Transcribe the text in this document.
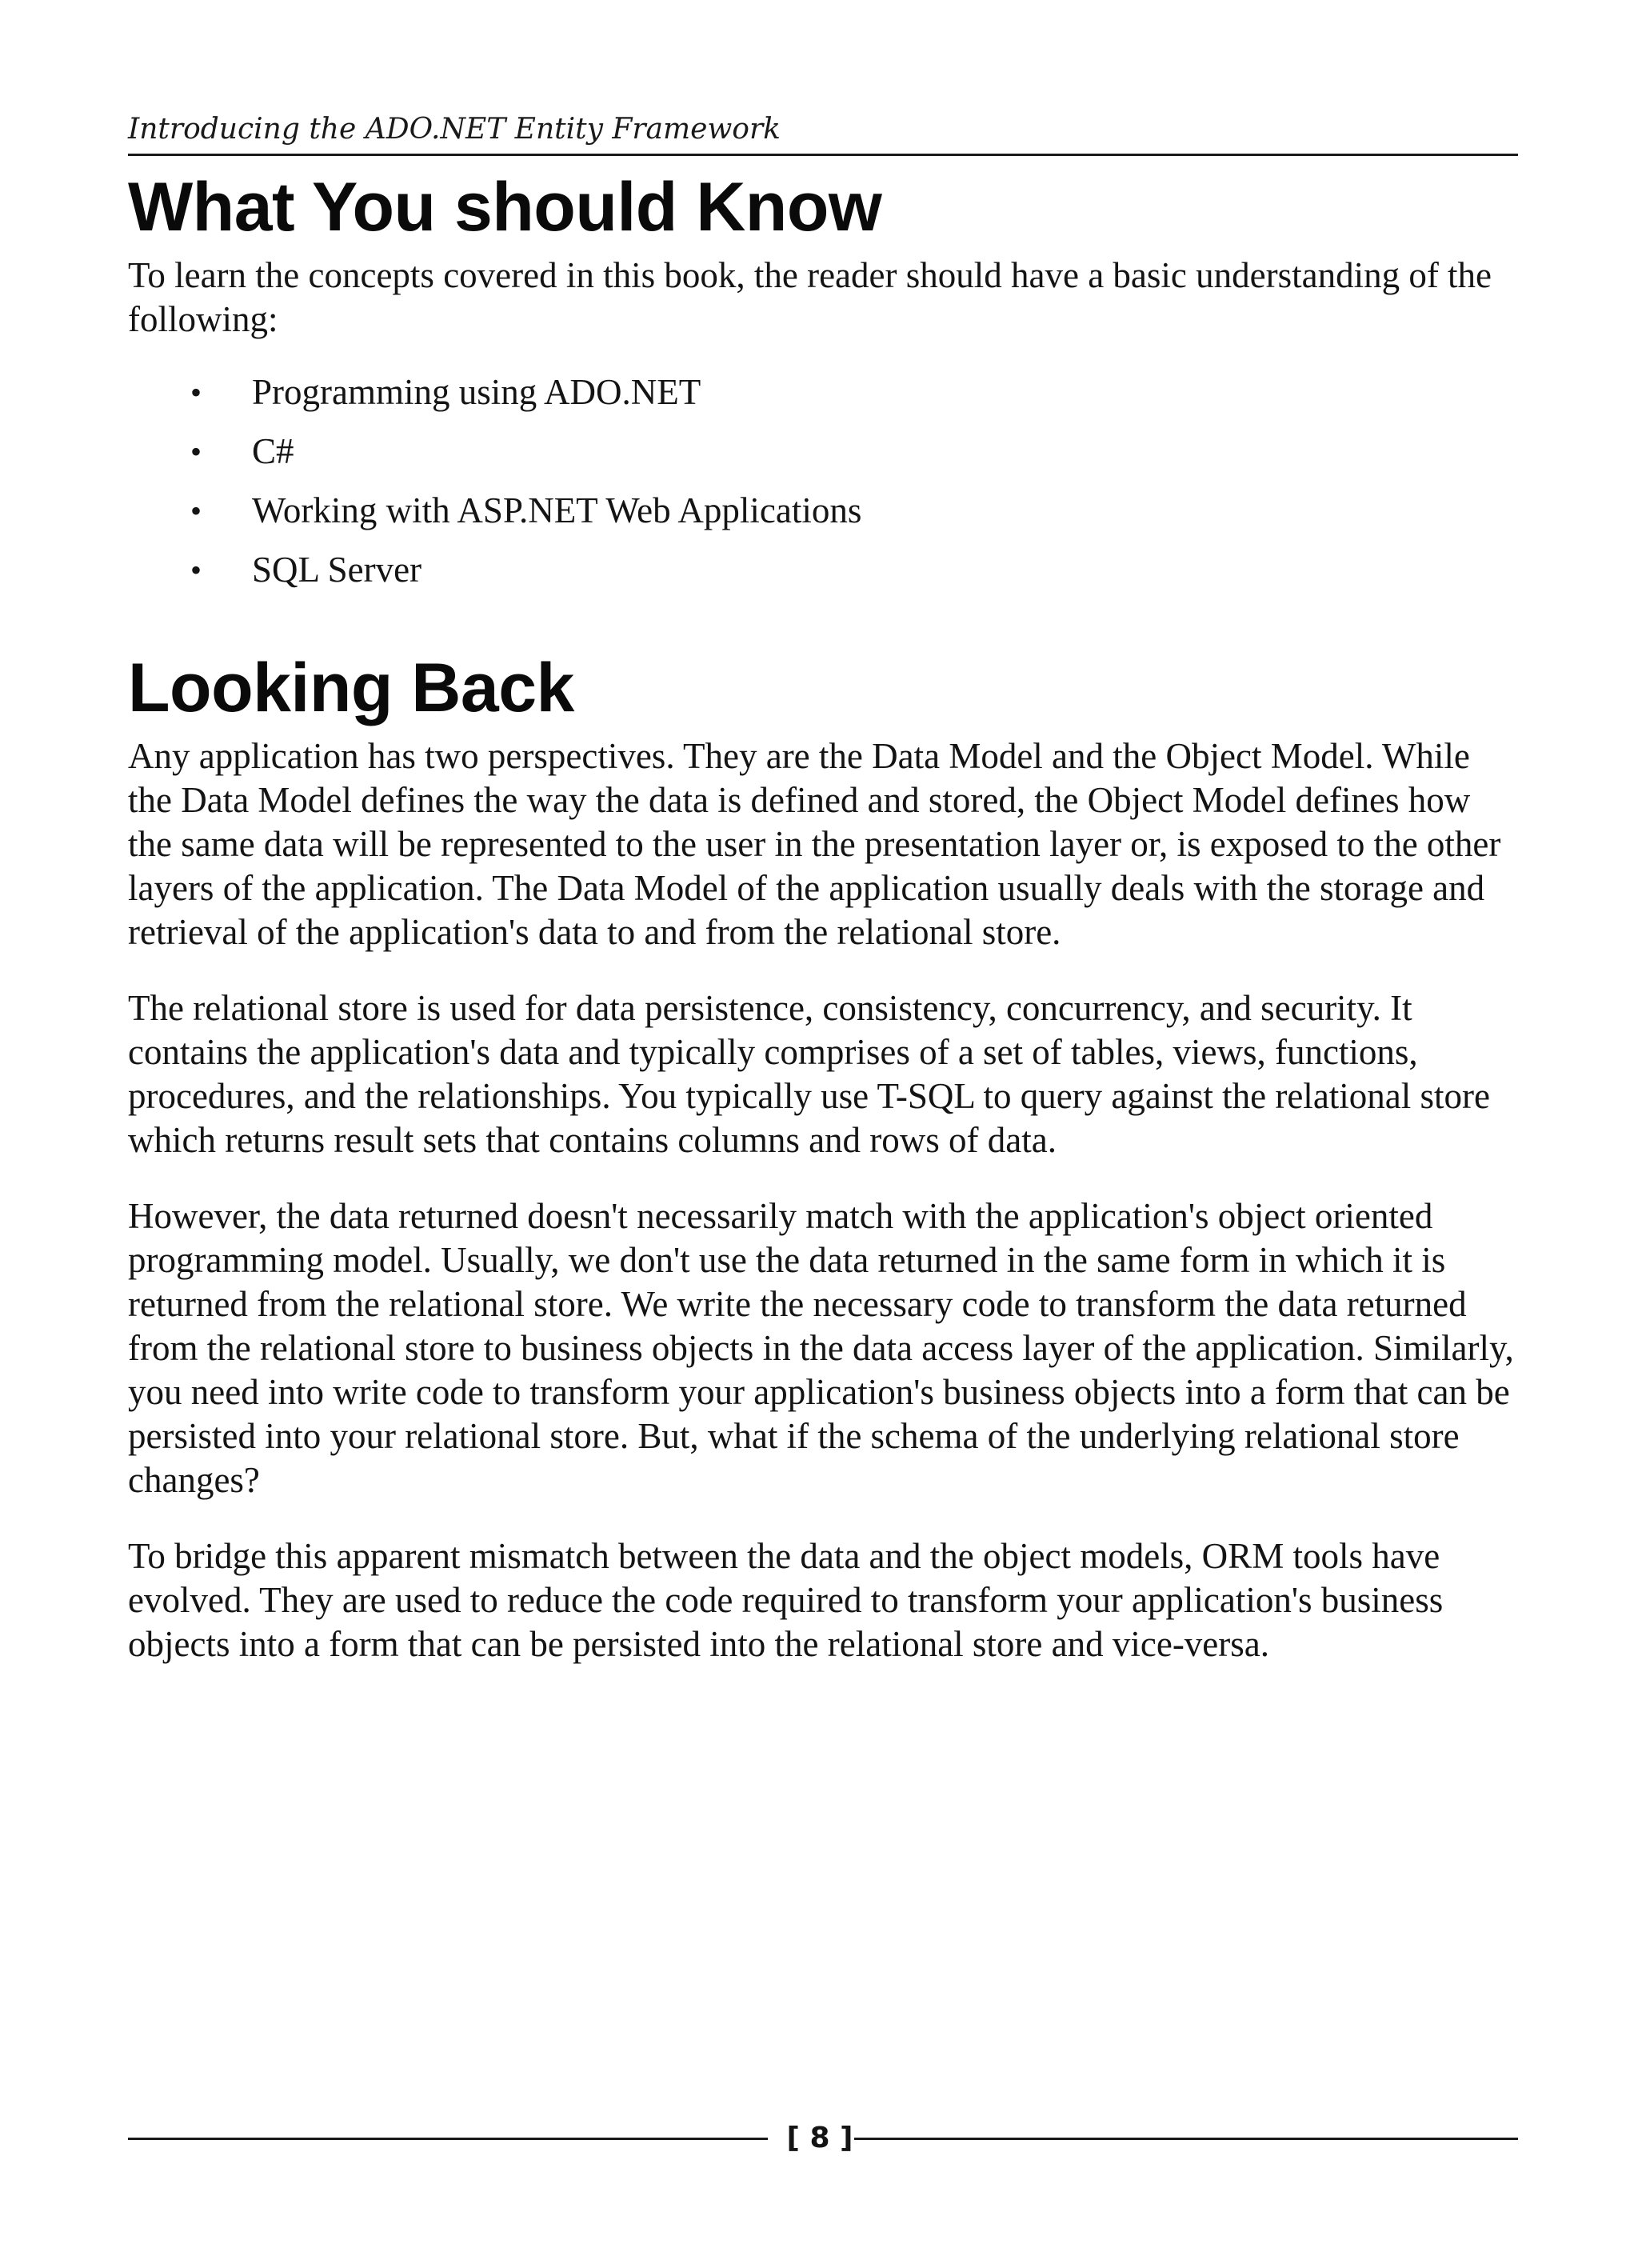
Introducing the ADO.NET Entity Framework
What You should Know

To learn the concepts covered in this book, the reader should have a basic understanding of the following:

• Programming using ADO.NET
• C#
• Working with ASP.NET Web Applications
• SQL Server
Looking Back

Any application has two perspectives. They are the Data Model and the Object Model. While the Data Model defines the way the data is defined and stored, the Object Model defines how the same data will be represented to the user in the presentation layer or, is exposed to the other layers of the application. The Data Model of the application usually deals with the storage and retrieval of the application's data to and from the relational store.

The relational store is used for data persistence, consistency, concurrency, and security. It contains the application's data and typically comprises of a set of tables, views, functions, procedures, and the relationships. You typically use T-SQL to query against the relational store which returns result sets that contains columns and rows of data.

However, the data returned doesn't necessarily match with the application's object oriented programming model. Usually, we don't use the data returned in the same form in which it is returned from the relational store. We write the necessary code to transform the data returned from the relational store to business objects in the data access layer of the application. Similarly, you need into write code to transform your application's business objects into a form that can be persisted into your relational store. But, what if the schema of the underlying relational store changes?

To bridge this apparent mismatch between the data and the object models, ORM tools have evolved. They are used to reduce the code required to transform your application's business objects into a form that can be persisted into the relational store and vice-versa.

[ 8 ]
